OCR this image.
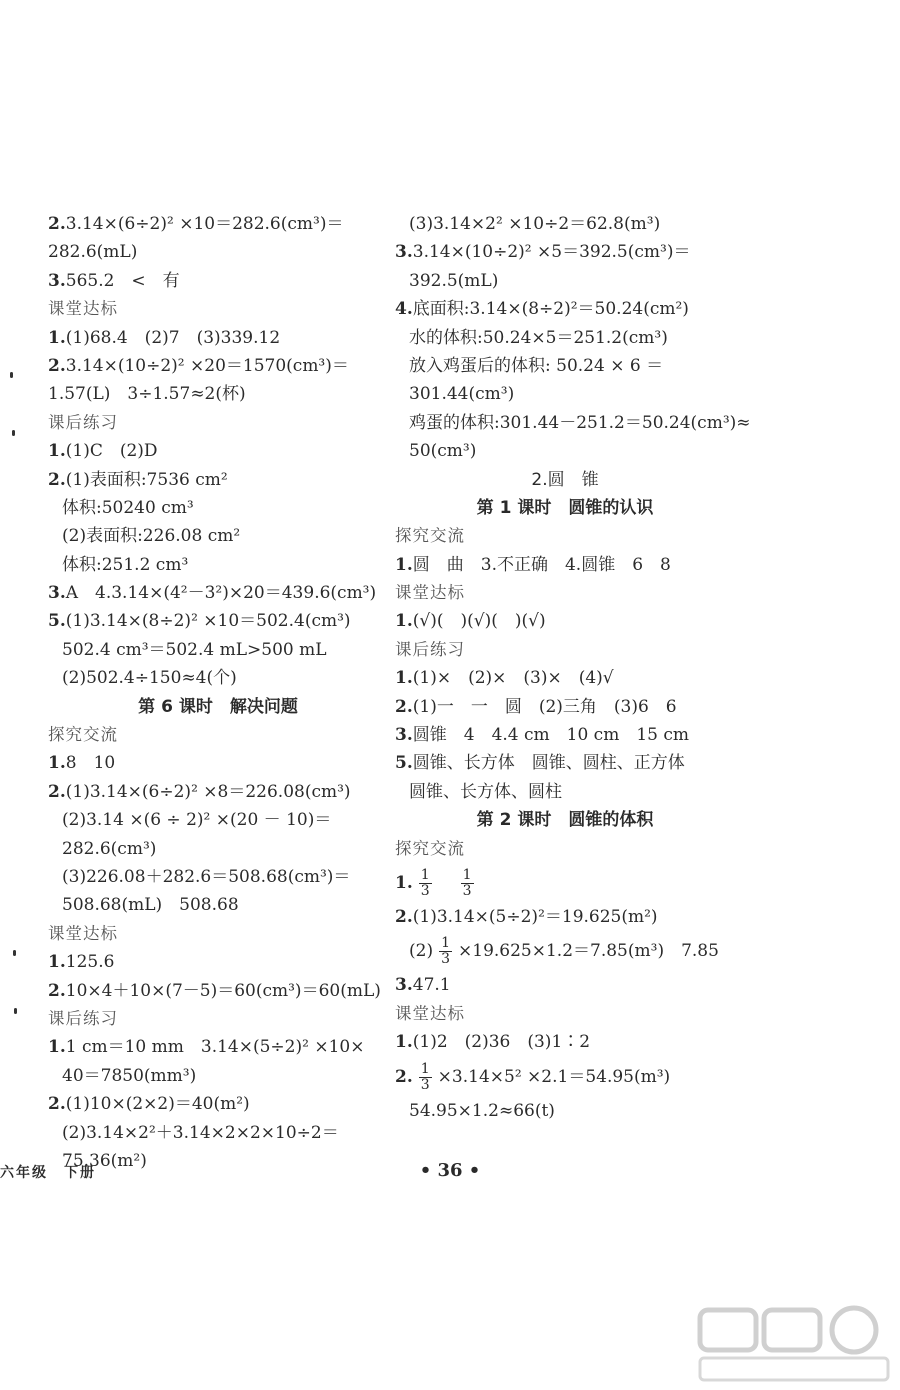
2.3.14×(6÷2)² ×10＝282.6(cm³)＝
282.6(mL)
3.565.2　<　有
课堂达标
1.(1)68.4　(2)7　(3)339.12
2.3.14×(10÷2)² ×20＝1570(cm³)＝
1.57(L)　3÷1.57≈2(杯)
课后练习
1.(1)C　(2)D
2.(1)表面积:7536 cm²
体积:50240 cm³
(2)表面积:226.08 cm²
体积:251.2 cm³
3.A　4.3.14×(4²－3²)×20＝439.6(cm³)
5.(1)3.14×(8÷2)² ×10＝502.4(cm³)
502.4 cm³＝502.4 mL>500 mL
(2)502.4÷150≈4(个)
第 6 课时　解决问题
探究交流
1.8　10
2.(1)3.14×(6÷2)² ×8＝226.08(cm³)
(2)3.14 ×(6 ÷ 2)² ×(20 － 10)＝
282.6(cm³)
(3)226.08＋282.6＝508.68(cm³)＝
508.68(mL)　508.68
课堂达标
1.125.6
2.10×4＋10×(7－5)＝60(cm³)＝60(mL)
课后练习
1.1 cm＝10 mm　3.14×(5÷2)² ×10×
40＝7850(mm³)
2.(1)10×(2×2)＝40(m²)
(2)3.14×2²＋3.14×2×2×10÷2＝
75.36(m²)
(3)3.14×2² ×10÷2＝62.8(m³)
3.3.14×(10÷2)² ×5＝392.5(cm³)＝
392.5(mL)
4.底面积:3.14×(8÷2)²＝50.24(cm²)
水的体积:50.24×5＝251.2(cm³)
放入鸡蛋后的体积: 50.24 × 6 ＝
301.44(cm³)
鸡蛋的体积:301.44－251.2＝50.24(cm³)≈
50(cm³)
2.圆　锥
第 1 课时　圆锥的认识
探究交流
1.圆　曲　3.不正确　4.圆锥　6　8
课堂达标
1.(√)(　)(√)(　)(√)
课后练习
1.(1)×　(2)×　(3)×　(4)√
2.(1)一　一　圆　(2)三角　(3)6　6
3.圆锥　4　4.4 cm　10 cm　15 cm
5.圆锥、长方体　圆锥、圆柱、正方体
圆锥、长方体、圆柱
第 2 课时　圆锥的体积
探究交流
1. $\frac{1}{3}$
  $\frac{1}{3}$
2.(1)3.14×(5÷2)²＝19.625(m²)
$(2) \frac{1}{3} \times 19.625\times 1.2=7.85(m^3)$　7.85
3.47.1
课堂达标
1.(1)2　(2)36　(3)1∶2
2. $\frac{1}{3} \times 3.14\times 5^2 \times 2.1=54.95(m^3)$
54.95×1.2≈66(t)
六年级　下册	• 36 •
